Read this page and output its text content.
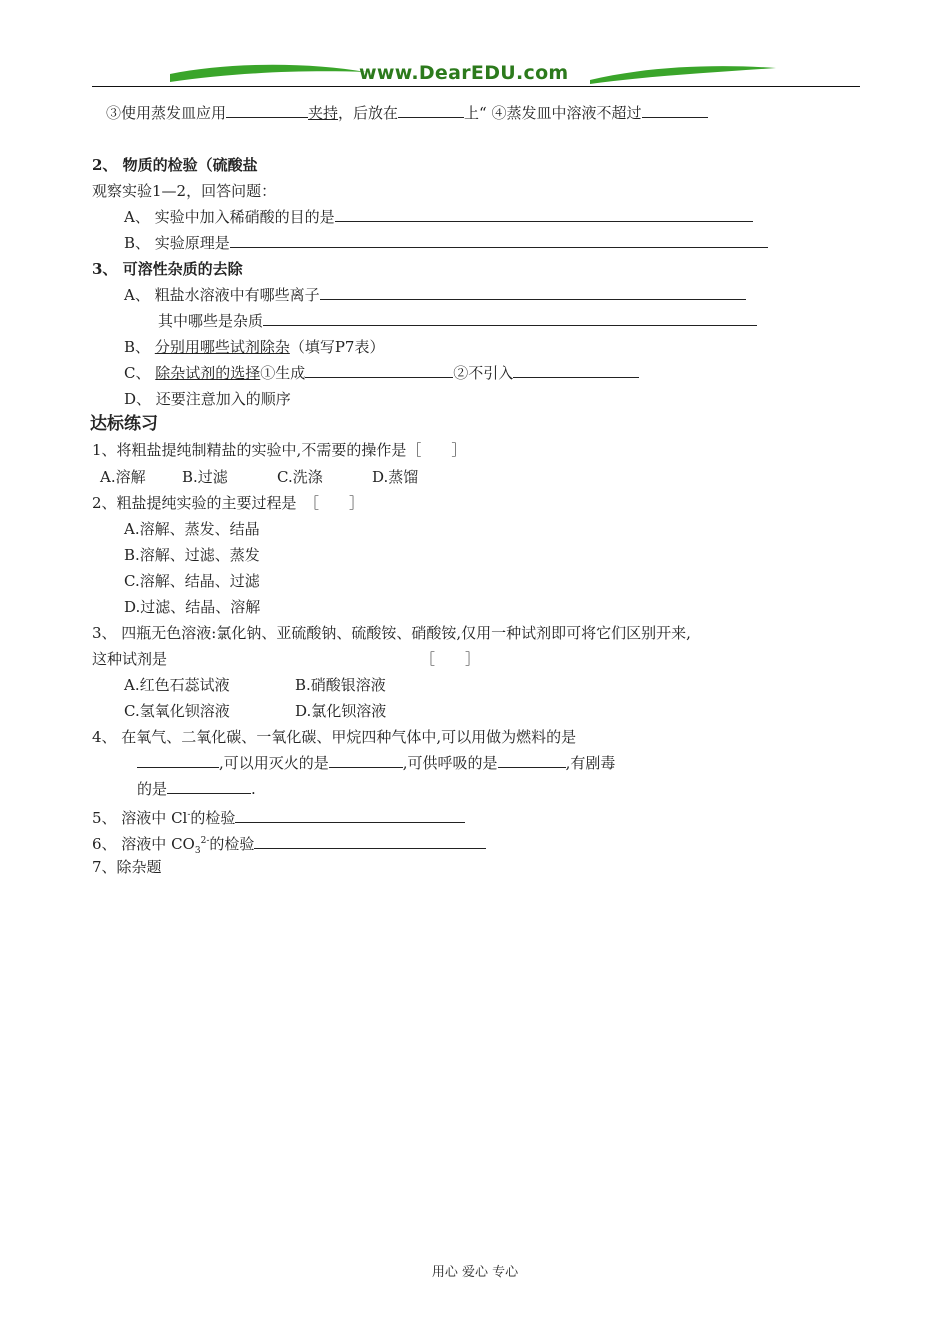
www.DearEDU.com
③使用蒸发皿应用	夹持，后放在	上“ ④蒸发皿中溶液不超过
2、 物质的检验（硫酸盐
观察实验1—2，回答问题：
A、 实验中加入稀硝酸的目的是
B、 实验原理是
3、 可溶性杂质的去除
A、 粗盐水溶液中有哪些离子
其中哪些是杂质
B、 分别用哪些试剂除杂（填写P7表）
C、 除杂试剂的选择①生成	②不引入
D、 还要注意加入的顺序
达标练习
1、将粗盐提纯制精盐的实验中,不需要的操作是［　　］
A.溶解 B.过滤	C.洗涤	D.蒸馏
2、粗盐提纯实验的主要过程是　［　　］
A.溶解、蒸发、结晶
B.溶解、过滤、蒸发
C.溶解、结晶、过滤
D.过滤、结晶、溶解
3、 四瓶无色溶液:氯化钠、亚硫酸钠、硫酸铵、硝酸铵,仅用一种试剂即可将它们区别开来,
这种试剂是	［　　］
A.红色石蕊试液	B.硝酸银溶液
C.氢氧化钡溶液	D.氯化钡溶液
4、 在氧气、二氧化碳、一氧化碳、甲烷四种气体中,可以用做为燃料的是
,可以用灭火的是	,可供呼吸的是	,有剧毒
的是	.
5、 溶液中 Cl-的检验
6、 溶液中 $CO_3^{2-}$的检验
7、除杂题
用心 爱心 专心
